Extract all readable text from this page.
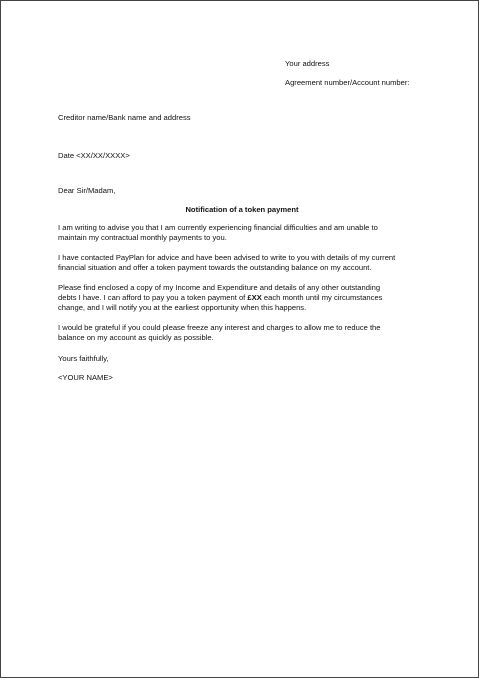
Your address
Agreement number/Account number:
Creditor name/Bank name and address
Date <XX/XX/XXXX>
Dear Sir/Madam,
Notification of a token payment
I am writing to advise you that I am currently experiencing financial difficulties and am unable to
maintain my contractual monthly payments to you.
I have contacted PayPlan for advice and have been advised to write to you with details of my current
financial situation and offer a token payment towards the outstanding balance on my account.
Please find enclosed a copy of my Income and Expenditure and details of any other outstanding
debts I have. I can afford to pay you a token payment of £XX each month until my circumstances
change, and I will notify you at the earliest opportunity when this happens.
I would be grateful if you could please freeze any interest and charges to allow me to reduce the
balance on my account as quickly as possible.
Yours faithfully,
<YOUR NAME>
